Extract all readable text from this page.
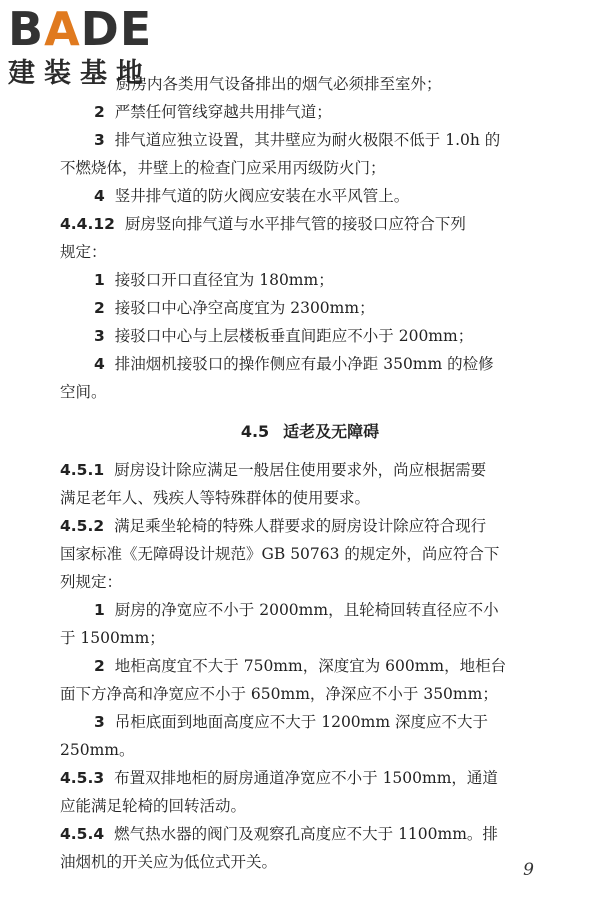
BADE
建装基地
厨房内各类用气设备排出的烟气必须排至室外；
2 严禁任何管线穿越共用排气道；
3 排气道应独立设置，其井壁应为耐火极限不低于 1.0h 的
不燃烧体，井壁上的检查门应采用丙级防火门；
4 竖井排气道的防火阀应安装在水平风管上。
4.4.12 厨房竖向排气道与水平排气管的接驳口应符合下列
规定：
1 接驳口开口直径宜为 180mm；
2 接驳口中心净空高度宜为 2300mm；
3 接驳口中心与上层楼板垂直间距应不小于 200mm；
4 排油烟机接驳口的操作侧应有最小净距 350mm 的检修
空间。
4.5 适老及无障碍
4.5.1 厨房设计除应满足一般居住使用要求外，尚应根据需要
满足老年人、残疾人等特殊群体的使用要求。
4.5.2 满足乘坐轮椅的特殊人群要求的厨房设计除应符合现行
国家标准《无障碍设计规范》GB 50763 的规定外，尚应符合下
列规定：
1 厨房的净宽应不小于 2000mm，且轮椅回转直径应不小
于 1500mm；
2 地柜高度宜不大于 750mm，深度宜为 600mm，地柜台
面下方净高和净宽应不小于 650mm，净深应不小于 350mm；
3 吊柜底面到地面高度应不大于 1200mm 深度应不大于
250mm。
4.5.3 布置双排地柜的厨房通道净宽应不小于 1500mm，通道
应能满足轮椅的回转活动。
4.5.4 燃气热水器的阀门及观察孔高度应不大于 1100mm。排
油烟机的开关应为低位式开关。	9
